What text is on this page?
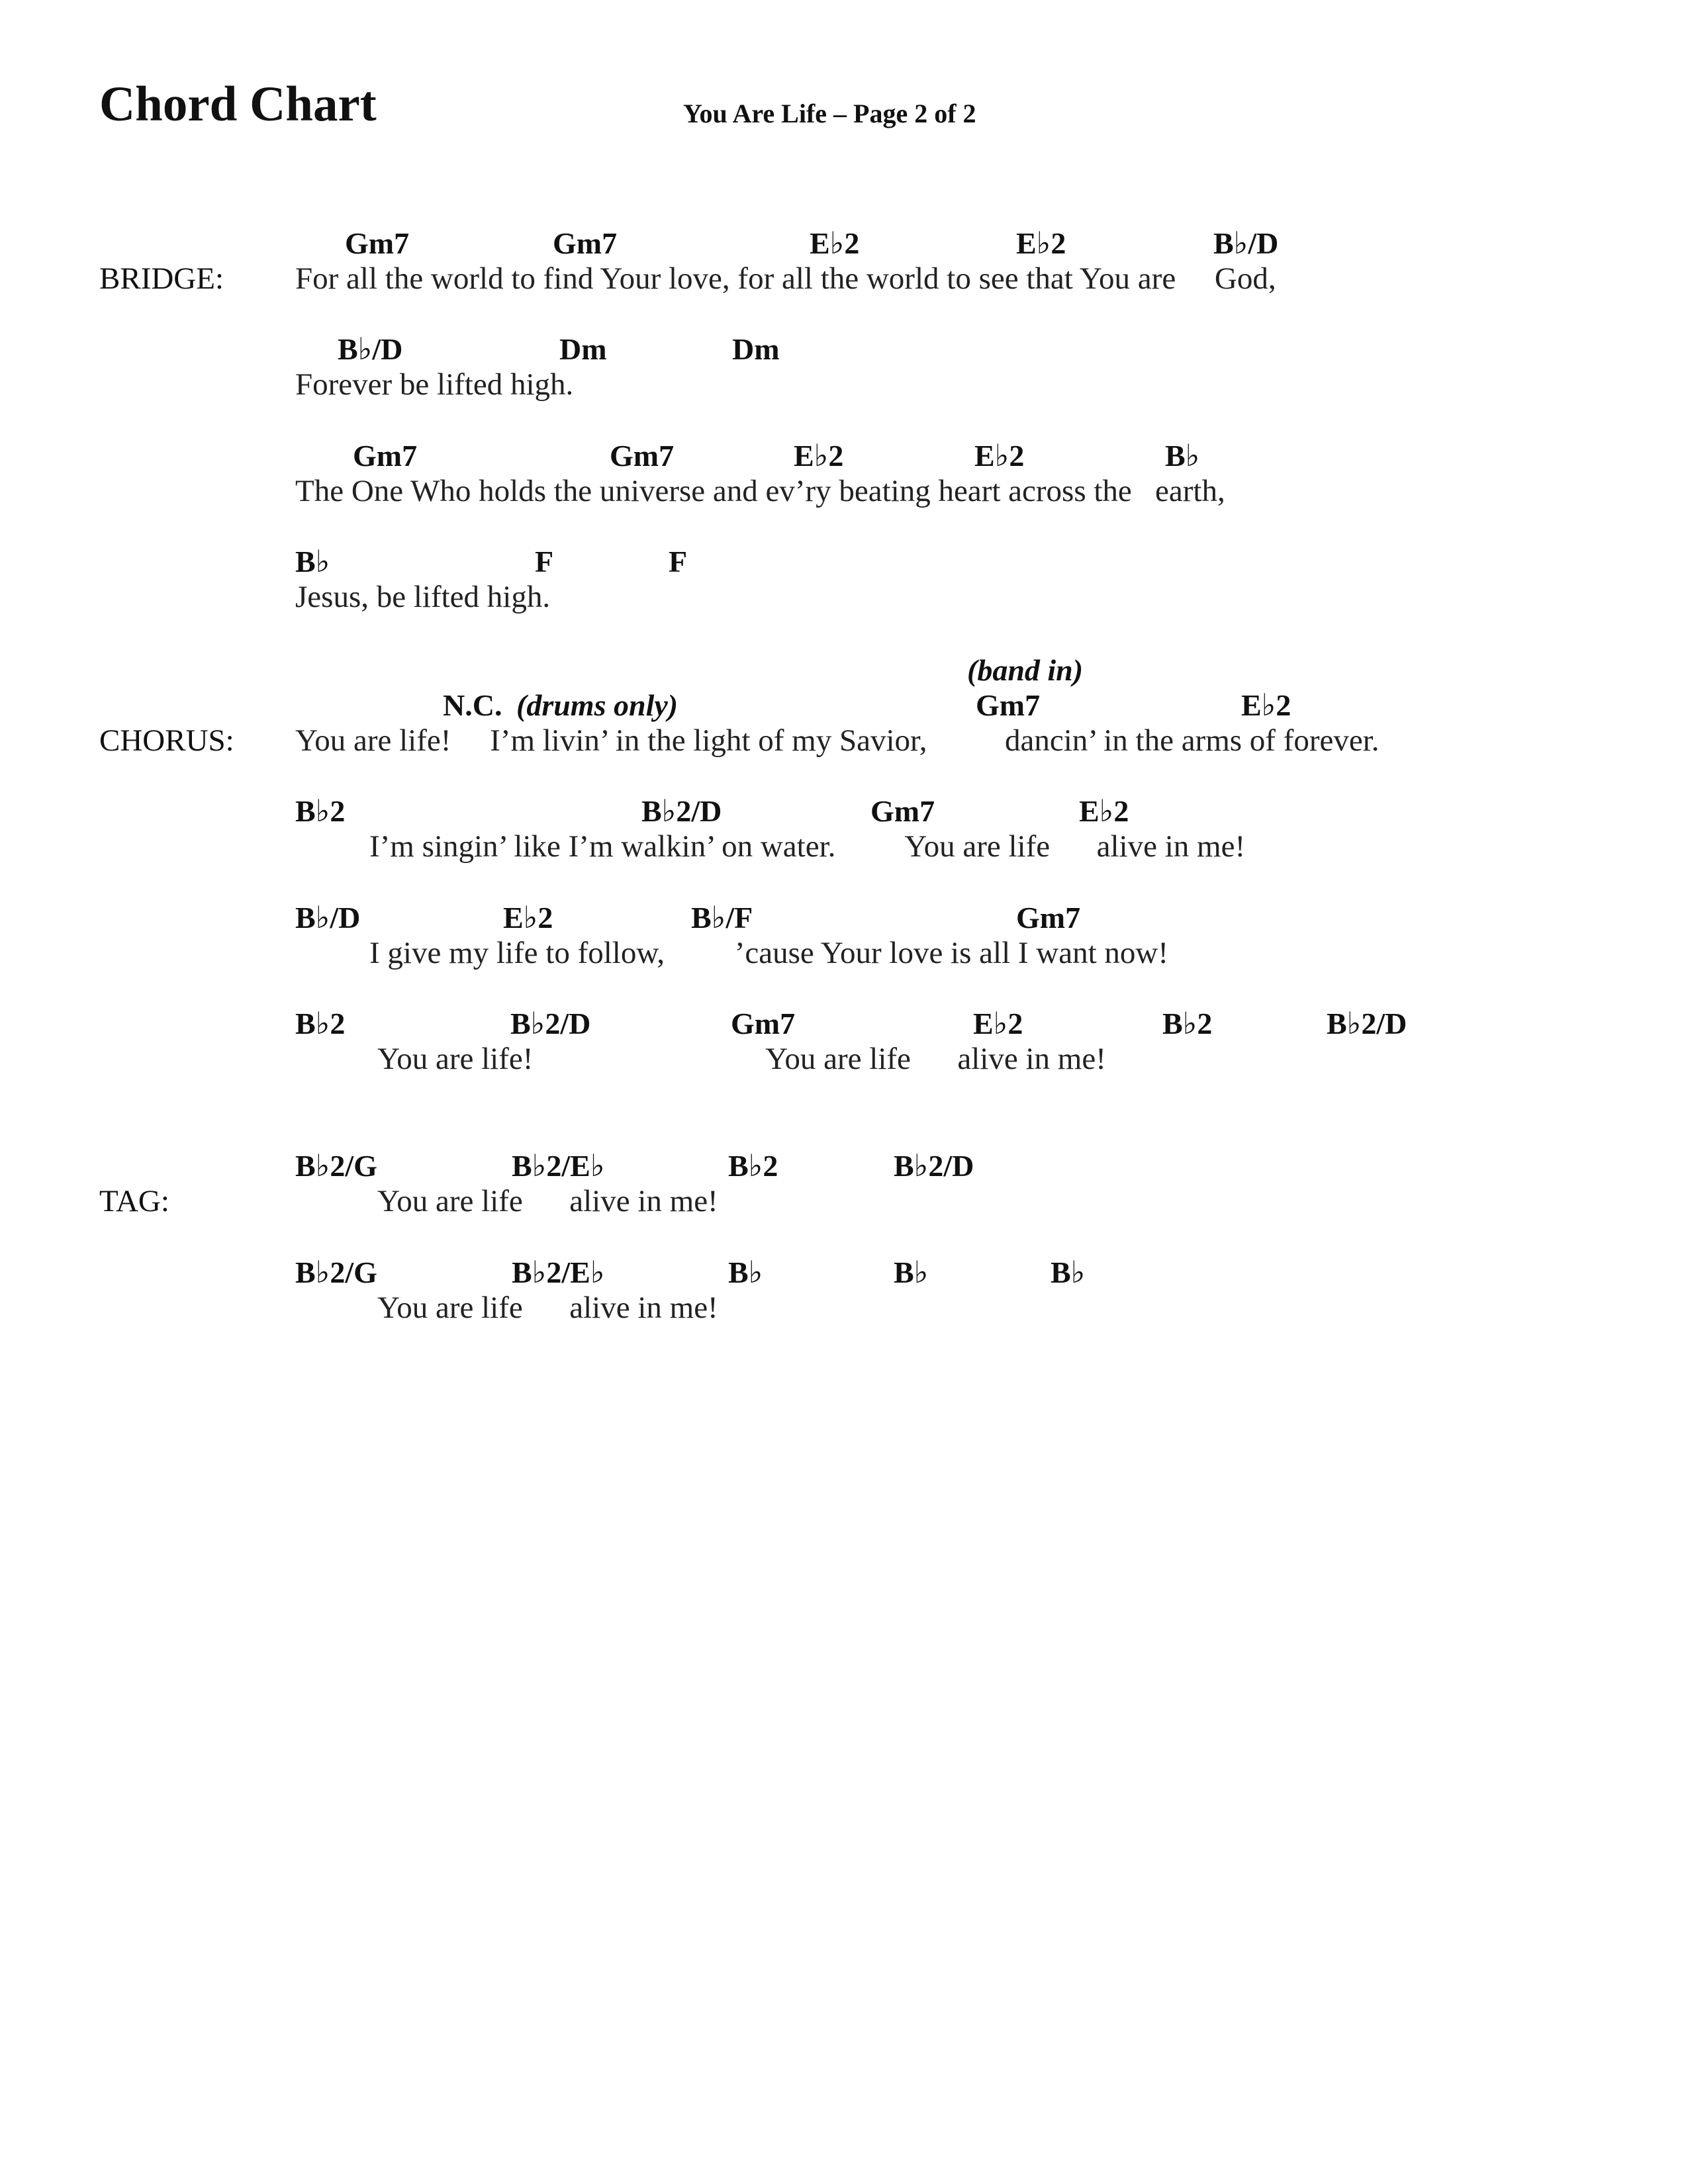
Chord Chart	You Are Life – Page 2 of 2
BRIDGE:
Gm7	Gm7	E♭2	E♭2	B♭/D
For all the world to find Your love, for all the world to see that You are     God,
B♭/D	Dm	Dm
Forever be lifted high.
Gm7	Gm7	E♭2	E♭2	B♭
The One Who holds the universe and ev’ry beating heart across the   earth,
B♭	F	F
Jesus, be lifted high.
CHORUS:
(band in)
N.C. (drums only)	Gm7	E♭2
You are life!     I’m livin’ in the light of my Savior,          dancin’ in the arms of forever.
B♭2	B♭2/D	Gm7	E♭2
I’m singin’ like I’m walkin’ on water.         You are life      alive in me!
B♭/D	E♭2	B♭/F	Gm7
I give my life to follow,         ’cause Your love is all I want now!
B♭2	B♭2/D	Gm7	E♭2	B♭2	B♭2/D
You are life!                              You are life      alive in me!
TAG:
B♭2/G	B♭2/E♭	B♭2	B♭2/D
You are life      alive in me!
B♭2/G	B♭2/E♭	B♭	B♭	B♭
You are life      alive in me!
